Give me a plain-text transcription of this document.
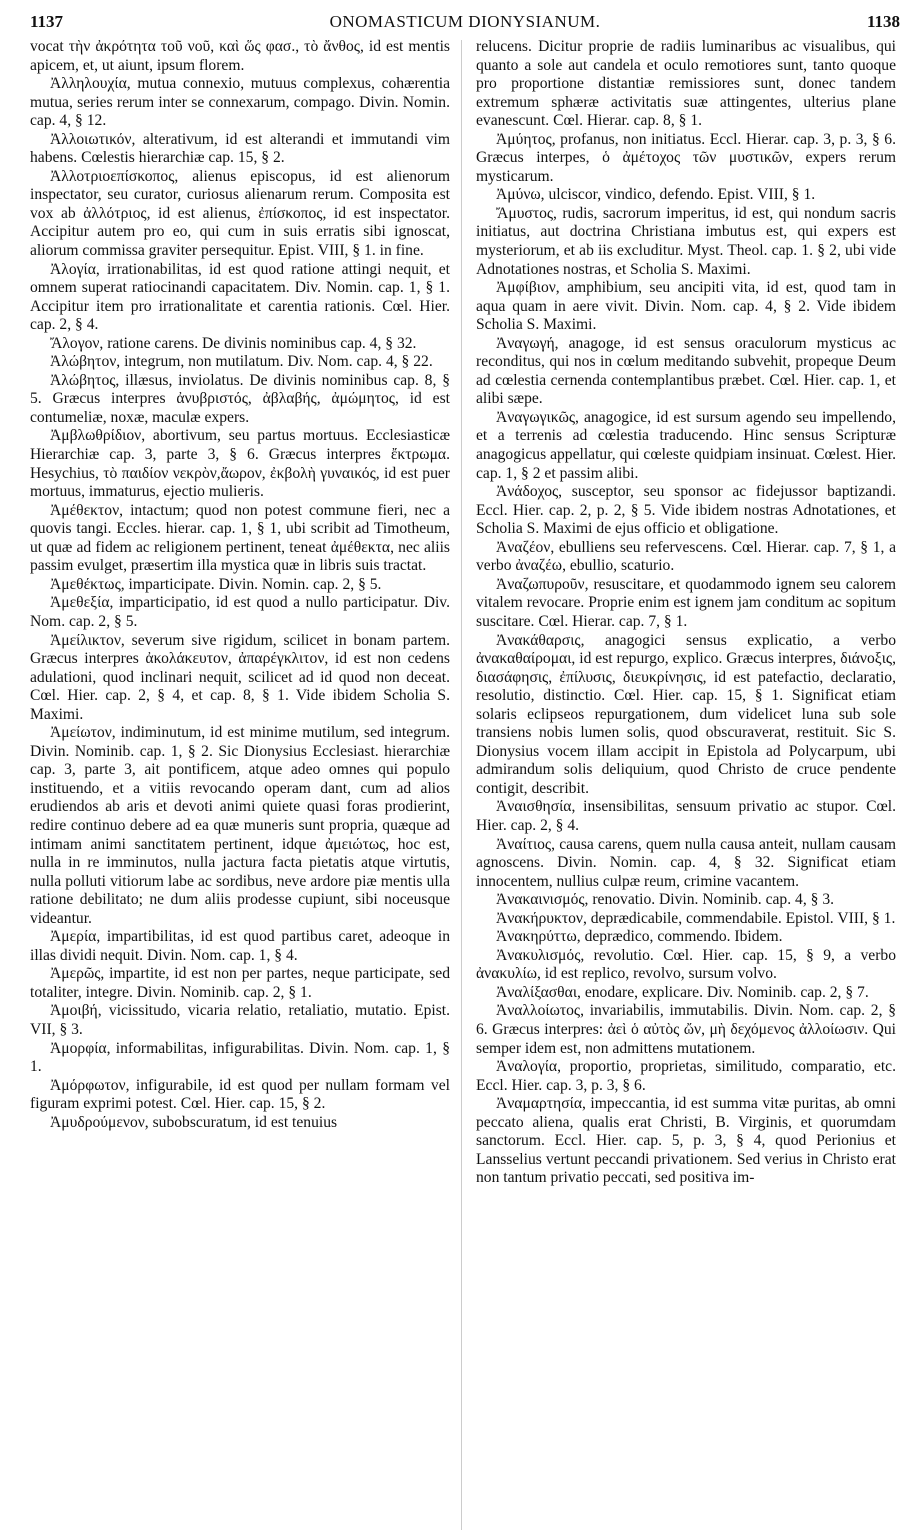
1137	ONOMASTICUM DIONYSIANUM.	1138

vocat τὴν ἀκρότητα τοῦ νοῦ, καὶ ὥς φασ., τὸ ἄνθος, id est mentis apicem, et, ut aiunt, ipsum florem.

Ἀλληλουχία, mutua connexio, mutuus complexus, cohærentia mutua, series rerum inter se connexarum, compago. Divin. Nomin. cap. 4, § 12.

Ἀλλοιωτικόν, alterativum, id est alterandi et immutandi vim habens. Cœlestis hierarchiæ cap. 15, § 2.

Ἀλλοτριοεπίσκοπος, alienus episcopus, id est alienorum inspectator, seu curator, curiosus alienarum rerum. Composita est vox ab ἀλλότριος, id est alienus, ἐπίσκοπος, id est inspectator. Accipitur autem pro eo, qui cum in suis erratis sibi ignoscat, aliorum commissa graviter persequitur. Epist. VIII, § 1. in fine.

Ἀλογία, irrationabilitas, id est quod ratione attingi nequit, et omnem superat ratiocinandi capacitatem. Div. Nomin. cap. 1, § 1. Accipitur item pro irrationalitate et carentia rationis. Cœl. Hier. cap. 2, § 4.

Ἄλογον, ratione carens. De divinis nominibus cap. 4, § 32.

Ἀλώβητον, integrum, non mutilatum. Div. Nom. cap. 4, § 22.

Ἀλώβητος, illæsus, inviolatus. De divinis nominibus cap. 8, § 5. Græcus interpres ἀνυβριστός, ἀβλαβής, ἀμώμητος, id est contumeliæ, noxæ, maculæ expers.

Ἀμβλωθρίδιον, abortivum, seu partus mortuus. Ecclesiasticæ Hierarchiæ cap. 3, parte 3, § 6. Græcus interpres ἔκτρωμα. Hesychius, τὸ παιδίον νεκρὸν,ἄωρον, ἐκβολὴ γυναικός, id est puer mortuus, immaturus, ejectio mulieris.

Ἀμέθεκτον, intactum; quod non potest commune fieri, nec a quovis tangi. Eccles. hierar. cap. 1, § 1, ubi scribit ad Timotheum, ut quæ ad fidem ac religionem pertinent, teneat ἀμέθεκτα, nec aliis passim evulget, præsertim illa mystica quæ in libris suis tractat.

Ἀμεθέκτως, imparticipate. Divin. Nomin. cap. 2, § 5.

Ἀμεθεξία, imparticipatio, id est quod a nullo participatur. Div. Nom. cap. 2, § 5.

Ἀμείλικτον, severum sive rigidum, scilicet in bonam partem. Græcus interpres ἀκολάκευτον, ἀπαρέγκλιτον, id est non cedens adulationi, quod inclinari nequit, scilicet ad id quod non deceat. Cœl. Hier. cap. 2, § 4, et cap. 8, § 1. Vide ibidem Scholia S. Maximi.

Ἀμείωτον, indiminutum, id est minime mutilum, sed integrum. Divin. Nominib. cap. 1, § 2. Sic Dionysius Ecclesiast. hierarchiæ cap. 3, parte 3, ait pontificem, atque adeo omnes qui populo instituendo, et a vitiis revocando operam dant, cum ad alios erudiendos ab aris et devoti animi quiete quasi foras prodierint, redire continuo debere ad ea quæ muneris sunt propria, quæque ad intimam animi sanctitatem pertinent, idque ἀμειώτως, hoc est, nulla in re imminutos, nulla jactura facta pietatis atque virtutis, nulla polluti vitiorum labe ac sordibus, neve ardore piæ mentis ulla ratione debilitato; ne dum aliis prodesse cupiunt, sibi noceusque videantur.

Ἀμερία, impartibilitas, id est quod partibus caret, adeoque in illas dividi nequit. Divin. Nom. cap. 1, § 4.

Ἀμερῶς, impartite, id est non per partes, neque participate, sed totaliter, integre. Divin. Nominib. cap. 2, § 1.

Ἀμοιβή, vicissitudo, vicaria relatio, retaliatio, mutatio. Epist. VII, § 3.

Ἀμορφία, informabilitas, infigurabilitas. Divin. Nom. cap. 1, § 1.

Ἀμόρφωτον, infigurabile, id est quod per nullam formam vel figuram exprimi potest. Cœl. Hier. cap. 15, § 2.

Ἀμυδρούμενον, subobscuratum, id est tenuius

relucens. Dicitur proprie de radiis luminaribus ac visualibus, qui quanto a sole aut candela et oculo remotiores sunt, tanto quoque pro proportione distantiæ remissiores sunt, donec tandem extremum sphæræ activitatis suæ attingentes, ulterius plane evanescunt. Cœl. Hierar. cap. 8, § 1.

Ἀμύητος, profanus, non initiatus. Eccl. Hierar. cap. 3, p. 3, § 6. Græcus interpes, ὁ ἀμέτοχος τῶν μυστικῶν, expers rerum mysticarum.

Ἀμύνω, ulciscor, vindico, defendo. Epist. VIII, § 1.

Ἄμυστος, rudis, sacrorum imperitus, id est, qui nondum sacris initiatus, aut doctrina Christiana imbutus est, qui expers est mysteriorum, et ab iis excluditur. Myst. Theol. cap. 1. § 2, ubi vide Adnotationes nostras, et Scholia S. Maximi.

Ἀμφίβιον, amphibium, seu ancipiti vita, id est, quod tam in aqua quam in aere vivit. Divin. Nom. cap. 4, § 2. Vide ibidem Scholia S. Maximi.

Ἀναγωγή, anagoge, id est sensus oraculorum mysticus ac reconditus, qui nos in cœlum meditando subvehit, propeque Deum ad cœlestia cernenda contemplantibus præbet. Cœl. Hier. cap. 1, et alibi sæpe.

Ἀναγωγικῶς, anagogice, id est sursum agendo seu impellendo, et a terrenis ad cœlestia traducendo. Hinc sensus Scripturæ anagogicus appellatur, qui cœleste quidpiam insinuat. Cœlest. Hier. cap. 1, § 2 et passim alibi.

Ἀνάδοχος, susceptor, seu sponsor ac fidejussor baptizandi. Eccl. Hier. cap. 2, p. 2, § 5. Vide ibidem nostras Adnotationes, et Scholia S. Maximi de ejus officio et obligatione.

Ἀναζέον, ebulliens seu refervescens. Cœl. Hierar. cap. 7, § 1, a verbo ἀναζέω, ebullio, scaturio.

Ἀναζωπυροῦν, resuscitare, et quodammodo ignem seu calorem vitalem revocare. Proprie enim est ignem jam conditum ac sopitum suscitare. Cœl. Hierar. cap. 7, § 1.

Ἀνακάθαρσις, anagogici sensus explicatio, a verbo ἀνακαθαίρομαι, id est repurgo, explico. Græcus interpres, διάνοξις, διασάφησις, ἐπίλυσις, διευκρίνησις, id est patefactio, declaratio, resolutio, distinctio. Cœl. Hier. cap. 15, § 1. Significat etiam solaris eclipseos repurgationem, dum videlicet luna sub sole transiens nobis lumen solis, quod obscuraverat, restituit. Sic S. Dionysius vocem illam accipit in Epistola ad Polycarpum, ubi admirandum solis deliquium, quod Christo de cruce pendente contigit, describit.

Ἀναισθησία, insensibilitas, sensuum privatio ac stupor. Cœl. Hier. cap. 2, § 4.

Ἀναίτιος, causa carens, quem nulla causa anteit, nullam causam agnoscens. Divin. Nomin. cap. 4, § 32. Significat etiam innocentem, nullius culpæ reum, crimine vacantem.

Ἀνακαινισμός, renovatio. Divin. Nominib. cap. 4, § 3.

Ἀνακήρυκτον, deprædicabile, commendabile. Epistol. VIII, § 1.

Ἀνακηρύττω, deprædico, commendo. Ibidem.

Ἀνακυλισμός, revolutio. Cœl. Hier. cap. 15, § 9, a verbo ἀνακυλίω, id est replico, revolvo, sursum volvo.

Ἀναλίξασθαι, enodare, explicare. Div. Nominib. cap. 2, § 7.

Ἀναλλοίωτος, invariabilis, immutabilis. Divin. Nom. cap. 2, § 6. Græcus interpres: ἀεὶ ὁ αὐτὸς ὤν, μὴ δεχόμενος ἀλλοίωσιν. Qui semper idem est, non admittens mutationem.

Ἀναλογία, proportio, proprietas, similitudo, comparatio, etc. Eccl. Hier. cap. 3, p. 3, § 6.

Ἀναμαρτησία, impeccantia, id est summa vitæ puritas, ab omni peccato aliena, qualis erat Christi, B. Virginis, et quorumdam sanctorum. Eccl. Hier. cap. 5, p. 3, § 4, quod Perionius et Lansselius vertunt peccandi privationem. Sed verius in Christo erat non tantum privatio peccati, sed positiva im-
